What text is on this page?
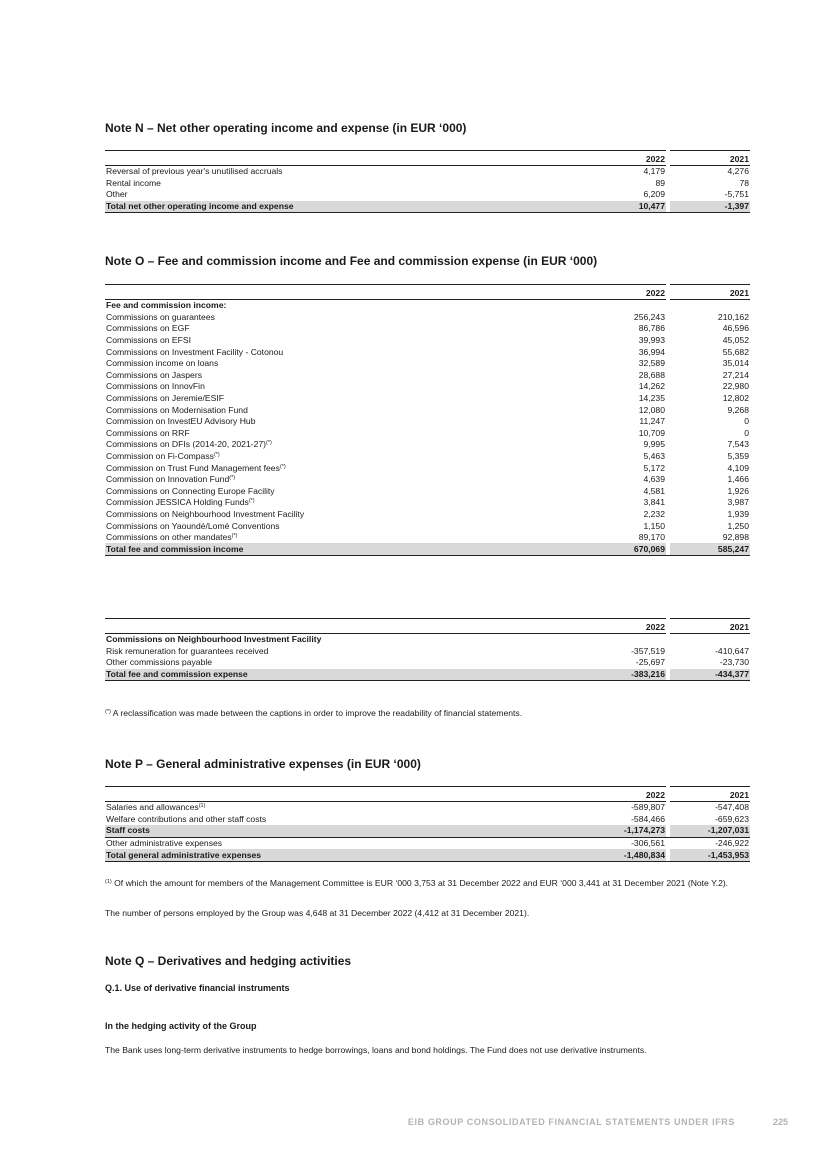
Note N – Net other operating income and expense (in EUR ‘000)
	2022		2021
Reversal of previous year's unutilised accruals	4,179		4,276
Rental income	89		78
Other	6,209		-5,751
Total net other operating income and expense	10,477		-1,397
Note O – Fee and commission income and Fee and commission expense (in EUR ‘000)
	2022		2021
Fee and commission income:			
Commissions on guarantees	256,243		210,162
Commissions on EGF	86,786		46,596
Commissions on EFSI	39,993		45,052
Commissions on Investment Facility - Cotonou	36,994		55,682
Commission income on loans	32,589		35,014
Commissions on Jaspers	28,688		27,214
Commissions on InnovFin	14,262		22,980
Commissions on Jeremie/ESIF	14,235		12,802
Commissions on Modernisation Fund	12,080		9,268
Commission on InvestEU Advisory Hub	11,247		0
Commissions on RRF	10,709		0
Commissions on DFIs (2014-20, 2021-27)(*)	9,995		7,543
Commission on Fi-Compass(*)	5,463		5,359
Commission on Trust Fund Management fees(*)	5,172		4,109
Commission on Innovation Fund(*)	4,639		1,466
Commissions on Connecting Europe Facility	4,581		1,926
Commission JESSICA Holding Funds(*)	3,841		3,987
Commissions on Neighbourhood Investment Facility	2,232		1,939
Commissions on Yaoundé/Lomé Conventions	1,150		1,250
Commissions on other mandates(*)	89,170		92,898
Total fee and commission income	670,069		585,247
	2022		2021
Commissions on Neighbourhood Investment Facility			
Risk remuneration for guarantees received	-357,519		-410,647
Other commissions payable	-25,697		-23,730
Total fee and commission expense	-383,216		-434,377

(*) A reclassification was made between the captions in order to improve the readability of financial statements.

Note P – General administrative expenses (in EUR ‘000)
	2022		2021
Salaries and allowances$^{(1)}$	-589,807		-547,408
Welfare contributions and other staff costs	-584,466		-659,623
Staff costs	-1,174,273		-1,207,031
Other administrative expenses	-306,561		-246,922
Total general administrative expenses	-1,480,834		-1,453,953

$^{(1)}$ Of which the amount for members of the Management Committee is EUR ‘000 3,753 at 31 December 2022 and EUR ‘000 3,441 at 31 December 2021 (Note Y.2).

The number of persons employed by the Group was 4,648 at 31 December 2022 (4,412 at 31 December 2021).

Note Q – Derivatives and hedging activities

Q.1. Use of derivative financial instruments

In the hedging activity of the Group

The Bank uses long-term derivative instruments to hedge borrowings, loans and bond holdings. The Fund does not use derivative instruments.

EIB GROUP CONSOLIDATED FINANCIAL STATEMENTS UNDER IFRS	225
